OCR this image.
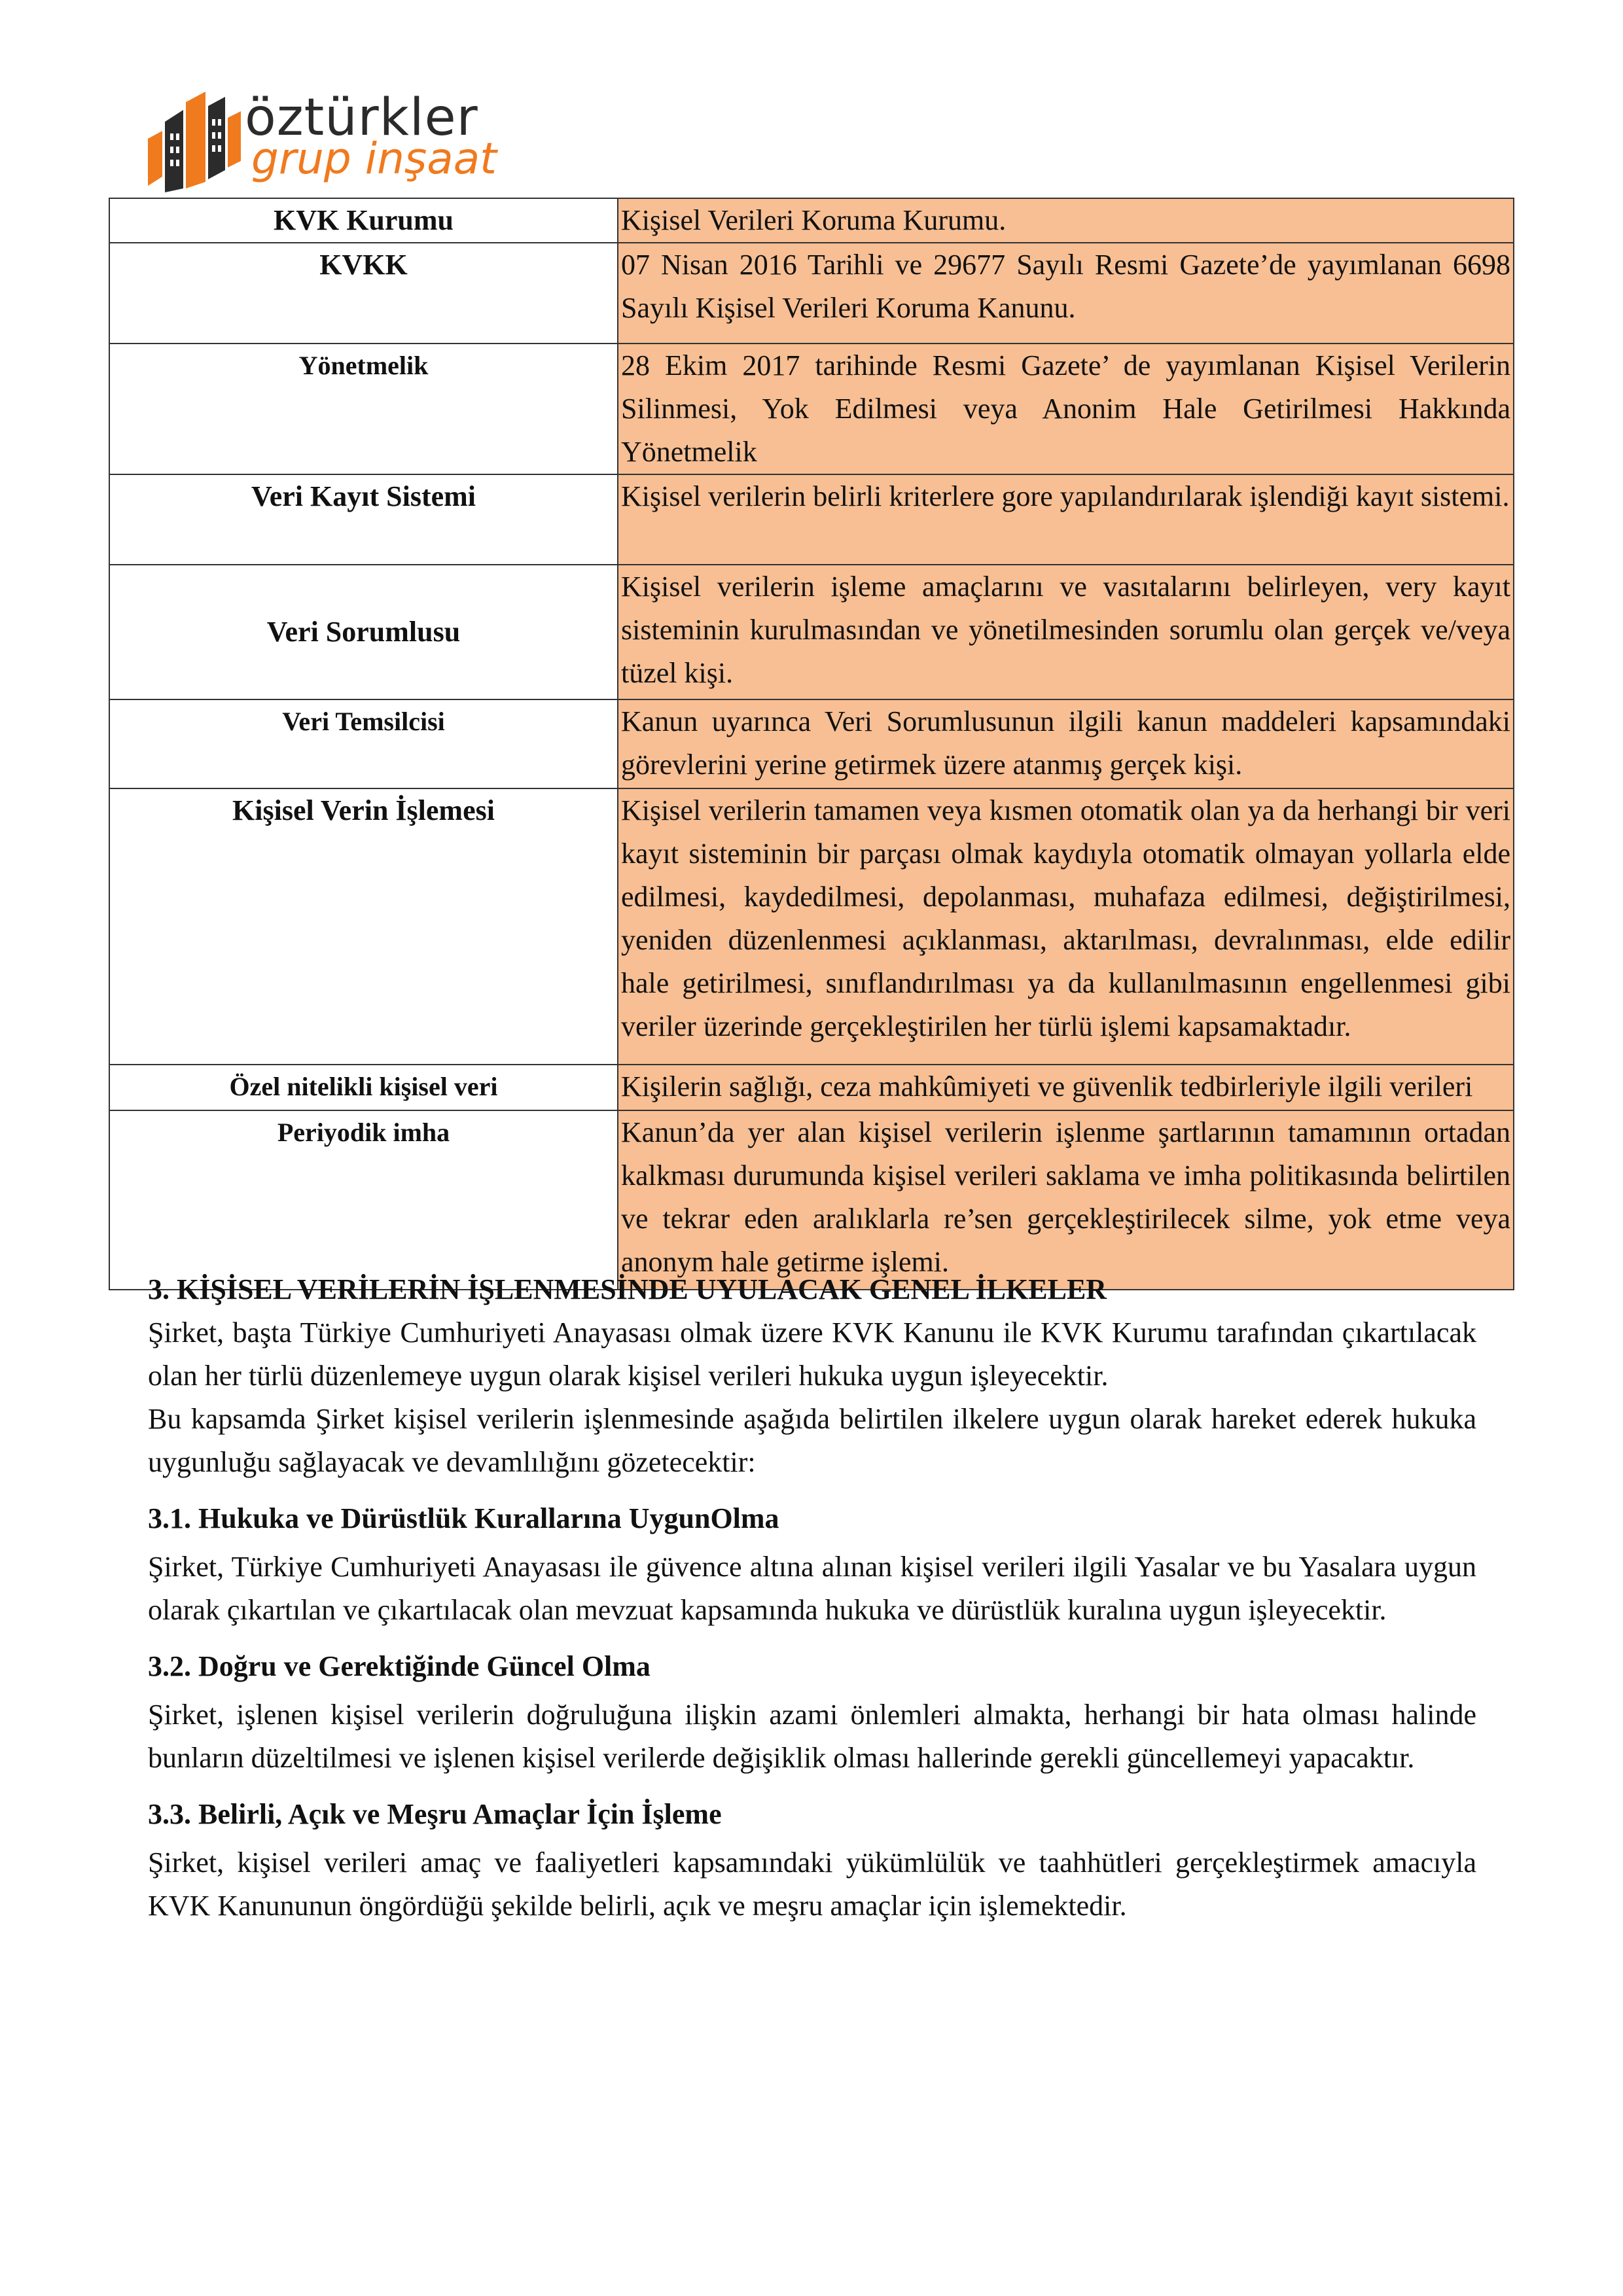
öztürkler
grup inşaat
KVK Kurumu	Kişisel Verileri Koruma Kurumu.
KVKK	07 Nisan 2016 Tarihli ve 29677 Sayılı Resmi Gazete’de yayımlanan 6698 Sayılı Kişisel Verileri Koruma Kanunu.
Yönetmelik	28 Ekim 2017 tarihinde Resmi Gazete’ de yayımlanan Kişisel Verilerin Silinmesi, Yok Edilmesi veya Anonim Hale Getirilmesi Hakkında Yönetmelik
Veri Kayıt Sistemi	Kişisel verilerin belirli kriterlere gore yapılandırılarak işlendiği kayıt sistemi.
Veri Sorumlusu	Kişisel verilerin işleme amaçlarını ve vasıtalarını belirleyen, very kayıt sisteminin kurulmasından ve yönetilmesinden sorumlu olan gerçek ve/veya tüzel kişi.
Veri Temsilcisi	Kanun uyarınca Veri Sorumlusunun ilgili kanun maddeleri kapsamındaki görevlerini yerine getirmek üzere atanmış gerçek kişi.
Kişisel Verin İşlemesi	Kişisel verilerin tamamen veya kısmen otomatik olan ya da herhangi bir veri kayıt sisteminin bir parçası olmak kaydıyla otomatik olmayan yollarla elde edilmesi, kaydedilmesi, depolanması, muhafaza edilmesi, değiştirilmesi, yeniden düzenlenmesi açıklanması, aktarılması, devralınması, elde edilir hale getirilmesi, sınıflandırılması ya da kullanılmasının engellenmesi gibi veriler üzerinde gerçekleştirilen her türlü işlemi kapsamaktadır.
Özel nitelikli kişisel veri	Kişilerin sağlığı, ceza mahkûmiyeti ve güvenlik tedbirleriyle ilgili verileri
Periyodik imha	Kanun’da yer alan kişisel verilerin işlenme şartlarının tamamının ortadan kalkması durumunda kişisel verileri saklama ve imha politikasında belirtilen ve tekrar eden aralıklarla re’sen gerçekleştirilecek silme, yok etme veya anonym hale getirme işlemi.
3. KİŞİSEL VERİLERİN İŞLENMESİNDE UYULACAK GENEL İLKELER

Şirket, başta Türkiye Cumhuriyeti Anayasası olmak üzere KVK Kanunu ile KVK Kurumu tarafından çıkartılacak olan her türlü düzenlemeye uygun olarak kişisel verileri hukuka uygun işleyecektir.

Bu kapsamda Şirket kişisel verilerin işlenmesinde aşağıda belirtilen ilkelere uygun olarak hareket ederek hukuka uygunluğu sağlayacak ve devamlılığını gözetecektir:

3.1. Hukuka ve Dürüstlük Kurallarına UygunOlma

Şirket, Türkiye Cumhuriyeti Anayasası ile güvence altına alınan kişisel verileri ilgili Yasalar ve bu Yasalara uygun olarak çıkartılan ve çıkartılacak olan mevzuat kapsamında hukuka ve dürüstlük kuralına uygun işleyecektir.

3.2. Doğru ve Gerektiğinde Güncel Olma

Şirket, işlenen kişisel verilerin doğruluğuna ilişkin azami önlemleri almakta, herhangi bir hata olması halinde bunların düzeltilmesi ve işlenen kişisel verilerde değişiklik olması hallerinde gerekli güncellemeyi yapacaktır.

3.3. Belirli, Açık ve Meşru Amaçlar İçin İşleme

Şirket, kişisel verileri amaç ve faaliyetleri kapsamındaki yükümlülük ve taahhütleri gerçekleştirmek amacıyla KVK Kanununun öngördüğü şekilde belirli, açık ve meşru amaçlar için işlemektedir.
